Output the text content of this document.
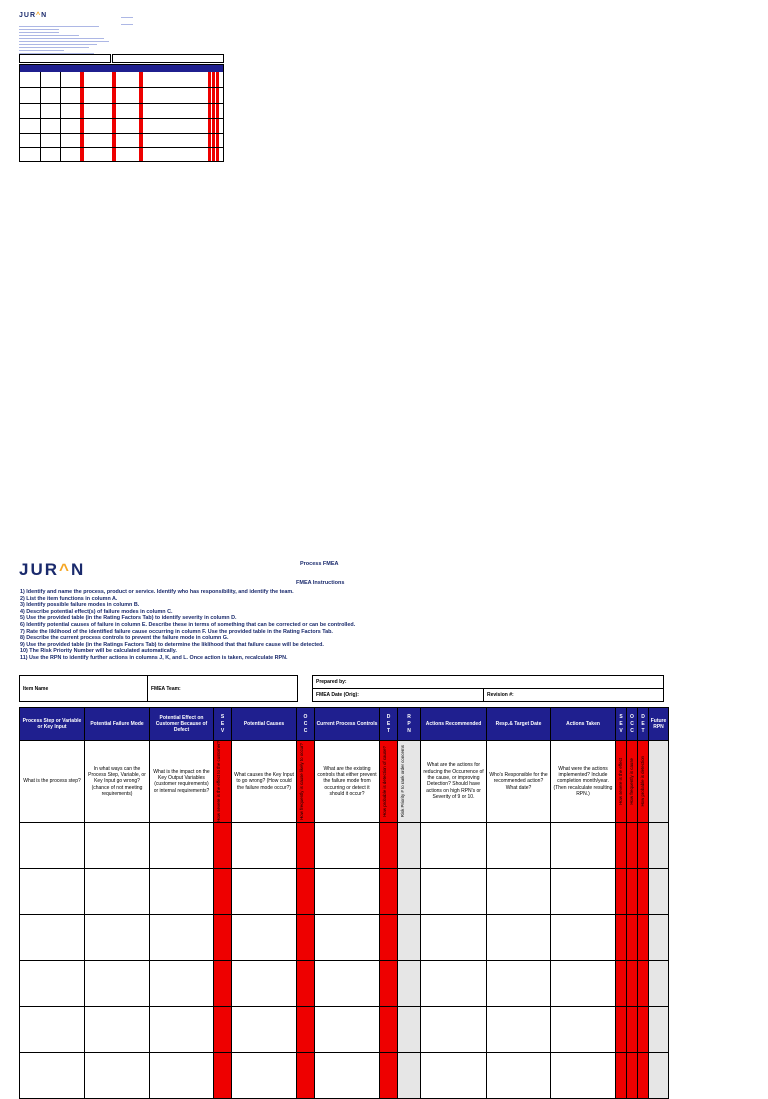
JUR^N
JUR^N	Process FMEA
FMEA Instructions
1) Identify and name the process, product or service. Identify who has responsibility, and identify the team.
2) List the item functions in column A.
3) Identify possible failure modes in column B.
4) Describe potential effect(s) of failure modes in column C.
5) Use the provided table (in the Rating Factors Tab) to identify severity in column D.
6) Identify potential causes of failure in column E. Describe these in terms of something that can be corrected or can be controlled.
7) Rate the liklihood of the identified failure cause occurring in column F. Use the provided table in the Rating Factors Tab.
8) Describe the current process controls to prevent the failure mode in column G.
9) Use the provided table (in the Ratings Factors Tab) to determine the liklihood that that failure cause will be detected.
10) The Risk Priority Number will be calculated automatically.
11) Use the RPN to identify further actions in columns J, K, and L. Once action is taken, recalculate RPN.
Item Name	FMEA Team:
Prepared by:
FMEA Date (Orig):	Revision #:
Process Step or Variable or Key Input	Potential Failure Mode	Potential Effect on Customer Because of Defect	S E V	Potential Causes	O C C	Current Process Controls	D E T	R P N	Actions Recommended	Resp.& Target Date	Actions Taken	S E V	O C C	D E T	Future RPN
What is the process step?	In what ways can the Process Step, Variable, or Key Input go wrong? (chance of not meeting requirements)	What is the impact on the Key Output Variables (customer requirements) or internal requirements?	How severe is the effect to the customer?	What causes the Key Input to go wrong? (How could the failure mode occur?)	How frequently is cause likely to occur?	What are the existing controls that either prevent the failure mode from occurring or detect it should it occur?	How probable is detection of cause?	Risk Priority # to rank order concerns	What are the actions for reducing the Occurrence of the cause, or improving Detection? Should have actions on high RPN's or Severity of 9 or 10.	Who's Responsible for the recommended action? What date?	What were the actions implemented? Include completion month/year. (Then recalculate resulting RPN.)	How severe is the effect	How frequently is cause	How probable is detection	
